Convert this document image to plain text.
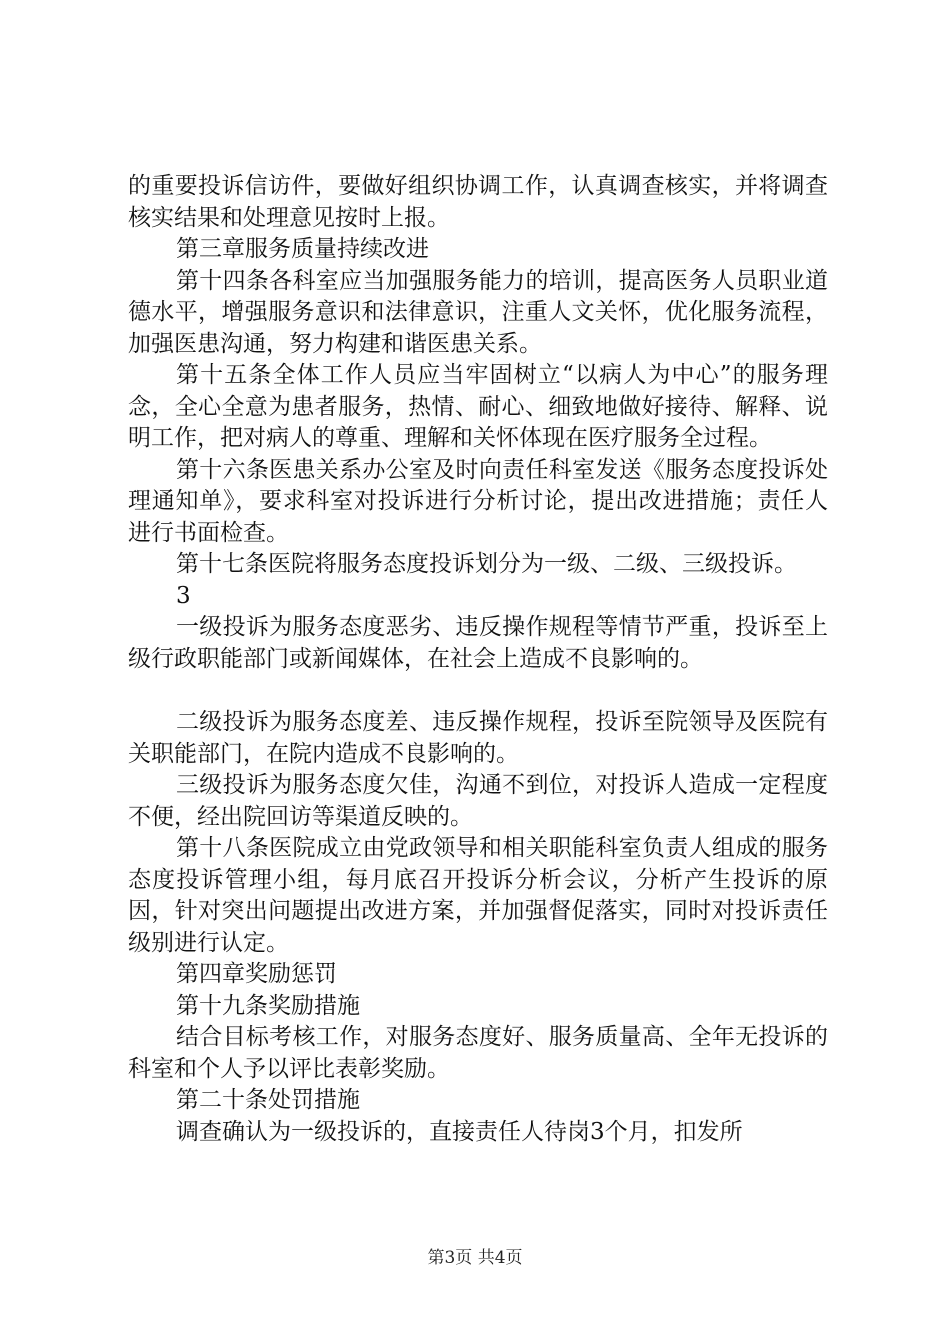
的重要投诉信访件，要做好组织协调工作，认真调查核实，并将调查核实结果和处理意见按时上报。

第三章服务质量持续改进

第十四条各科室应当加强服务能力的培训，提高医务人员职业道德水平，增强服务意识和法律意识，注重人文关怀，优化服务流程，加强医患沟通，努力构建和谐医患关系。

第十五条全体工作人员应当牢固树立“以病人为中心”的服务理念，全心全意为患者服务，热情、耐心、细致地做好接待、解释、说明工作，把对病人的尊重、理解和关怀体现在医疗服务全过程。

第十六条医患关系办公室及时向责任科室发送《服务态度投诉处理通知单》，要求科室对投诉进行分析讨论，提出改进措施；责任人进行书面检查。

第十七条医院将服务态度投诉划分为一级、二级、三级投诉。

3

一级投诉为服务态度恶劣、违反操作规程等情节严重，投诉至上级行政职能部门或新闻媒体，在社会上造成不良影响的。

二级投诉为服务态度差、违反操作规程，投诉至院领导及医院有关职能部门，在院内造成不良影响的。

三级投诉为服务态度欠佳，沟通不到位，对投诉人造成一定程度不便，经出院回访等渠道反映的。

第十八条医院成立由党政领导和相关职能科室负责人组成的服务态度投诉管理小组，每月底召开投诉分析会议，分析产生投诉的原因，针对突出问题提出改进方案，并加强督促落实，同时对投诉责任级别进行认定。

第四章奖励惩罚

第十九条奖励措施

结合目标考核工作，对服务态度好、服务质量高、全年无投诉的科室和个人予以评比表彰奖励。

第二十条处罚措施

调查确认为一级投诉的，直接责任人待岗3个月，扣发所

第3页 共4页
